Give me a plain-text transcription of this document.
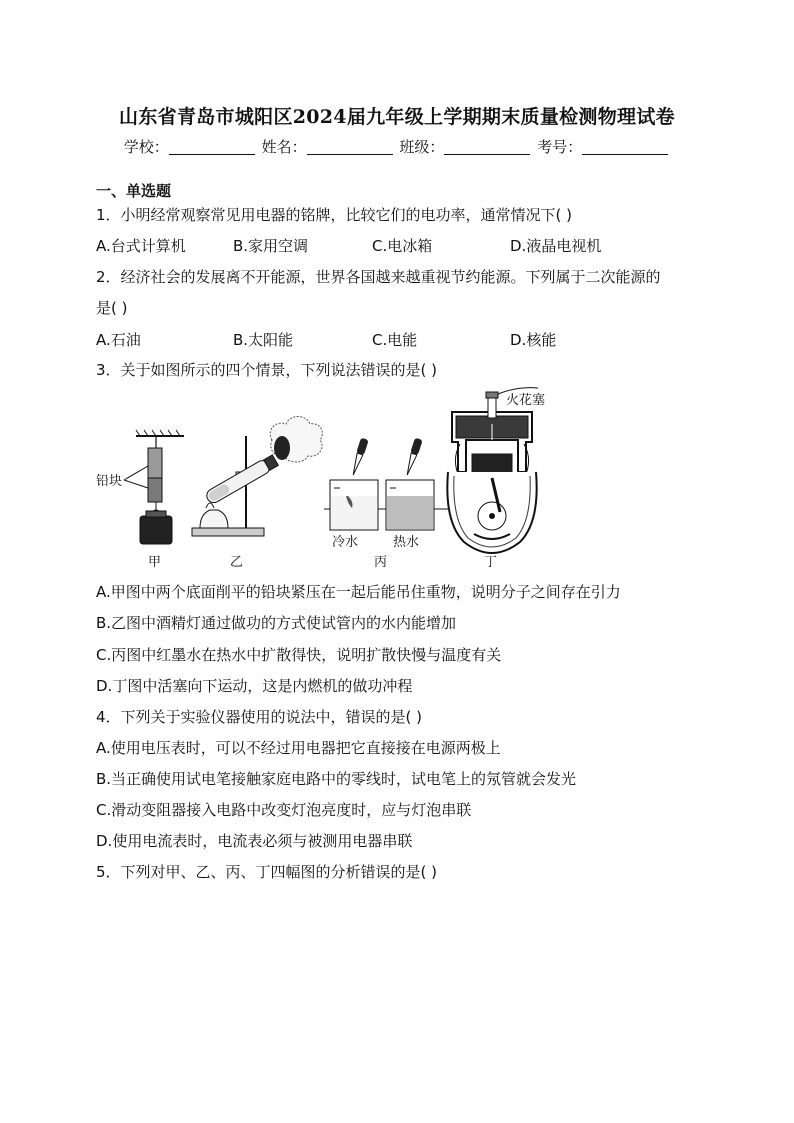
山东省青岛市城阳区2024届九年级上学期期末质量检测物理试卷
学校：	姓名：	班级：	考号：
一、单选题
1．小明经常观察常见用电器的铭牌，比较它们的电功率，通常情况下( )
A.台式计算机	B.家用空调	C.电冰箱	D.液晶电视机
2．经济社会的发展离不开能源，世界各国越来越重视节约能源。下列属于二次能源的
是( )
A.石油	B.太阳能	C.电能	D.核能
3．关于如图所示的四个情景，下列说法错误的是( )
铅块
甲	乙
冷水	热水
丙
火花塞
丁
A.甲图中两个底面削平的铅块紧压在一起后能吊住重物，说明分子之间存在引力
B.乙图中酒精灯通过做功的方式使试管内的水内能增加
C.丙图中红墨水在热水中扩散得快，说明扩散快慢与温度有关
D.丁图中活塞向下运动，这是内燃机的做功冲程
4．下列关于实验仪器使用的说法中，错误的是( )
A.使用电压表时，可以不经过用电器把它直接接在电源两极上
B.当正确使用试电笔接触家庭电路中的零线时，试电笔上的氖管就会发光
C.滑动变阻器接入电路中改变灯泡亮度时，应与灯泡串联
D.使用电流表时，电流表必须与被测用电器串联
5．下列对甲、乙、丙、丁四幅图的分析错误的是( )
